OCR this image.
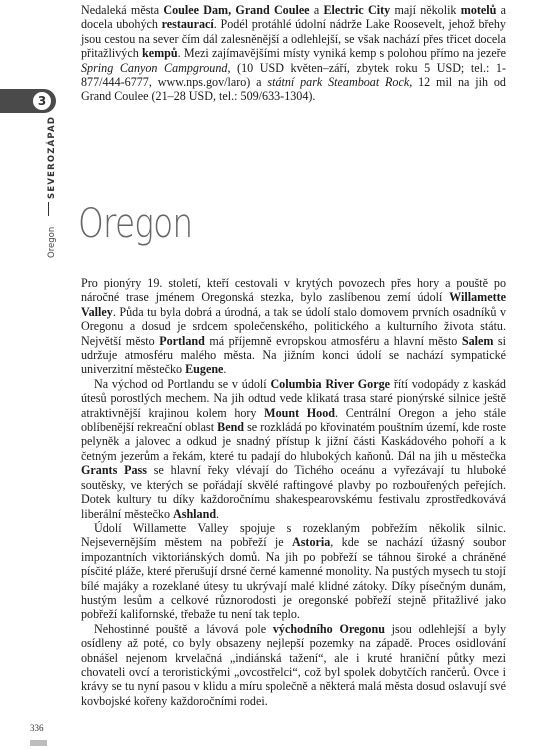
Nedaleká města Coulee Dam, Grand Coulee a Electric City mají několik motelů a docela ubohých restaurací. Podél protáhlé údolní nádrže Lake Roosevelt, jehož břehy jsou cestou na sever čím dál zalesněnější a odlehlejší, se však nachází přes třicet docela přitažlivých kempů. Mezi zajímavějšími místy vyniká kemp s polohou přímo na jezeře Spring Canyon Campground, (10 USD květen–září, zbytek roku 5 USD; tel.: 1-877/444-6777, www.nps.gov/laro) a státní park Steamboat Rock, 12 mil na jih od Grand Coulee (21–28 USD, tel.: 509/633-1304).

3
SEVEROZÁPAD
Oregon Oregon

Pro pionýry 19. století, kteří cestovali v krytých povozech přes hory a pouště po náročné trase jménem Oregonská stezka, bylo zaslíbenou zemí údolí Willamette Valley. Půda tu byla dobrá a úrodná, a tak se údolí stalo domovem prvních osadníků v Oregonu a dosud je srdcem společenského, politického a kulturního života státu. Největší město Portland má příjemně evropskou atmosféru a hlavní město Salem si udržuje atmosféru malého města. Na jižním konci údolí se nachází sympatické univerzitní městečko Eugene.

Na východ od Portlandu se v údolí Columbia River Gorge řítí vodopády z kaskád útesů porostlých mechem. Na jih odtud vede klikatá trasa staré pionýrské silnice ještě atraktivnější krajinou kolem hory Mount Hood. Centrální Oregon a jeho stále oblíbenější rekreační oblast Bend se rozkládá po křovinatém pouštním území, kde roste pelyněk a jalovec a odkud je snadný přístup k jižní části Kaskádového pohoří a k četným jezerům a řekám, které tu padají do hlubokých kaňonů. Dál na jih u městečka Grants Pass se hlavní řeky vlévají do Tichého oceánu a vyřezávají tu hluboké soutěsky, ve kterých se pořádají skvělé raftingové plavby po rozbouřených peřejích. Dotek kultury tu díky každoročnímu shakespearovskému festivalu zprostředkovává liberální městečko Ashland.

Údolí Willamette Valley spojuje s rozeklaným pobřežím několik silnic. Nejsevernějším městem na pobřeží je Astoria, kde se nachází úžasný soubor impozantních viktoriánských domů. Na jih po pobřeží se táhnou široké a chráněné písčité pláže, které přerušují drsné černé kamenné monolity. Na pustých mysech tu stojí bílé majáky a rozeklané útesy tu ukrývají malé klidné zátoky. Díky písečným dunám, hustým lesům a celkové různorodosti je oregonské pobřeží stejně přitažlivé jako pobřeží kalifornské, třebaže tu není tak teplo.

Nehostinné pouště a lávová pole východního Oregonu jsou odlehlejší a byly osídleny až poté, co byly obsazeny nejlepší pozemky na západě. Proces osidlování obnášel nejenom krvelačná „indiánská tažení“, ale i kruté hraniční půtky mezi chovateli ovcí a teroristickými „ovcostřelci“, což byl spolek dobytčích rančerů. Ovce i krávy se tu nyní pasou v klidu a míru společně a některá malá města dosud oslavují své kovbojské kořeny každoročními rodei.

336
